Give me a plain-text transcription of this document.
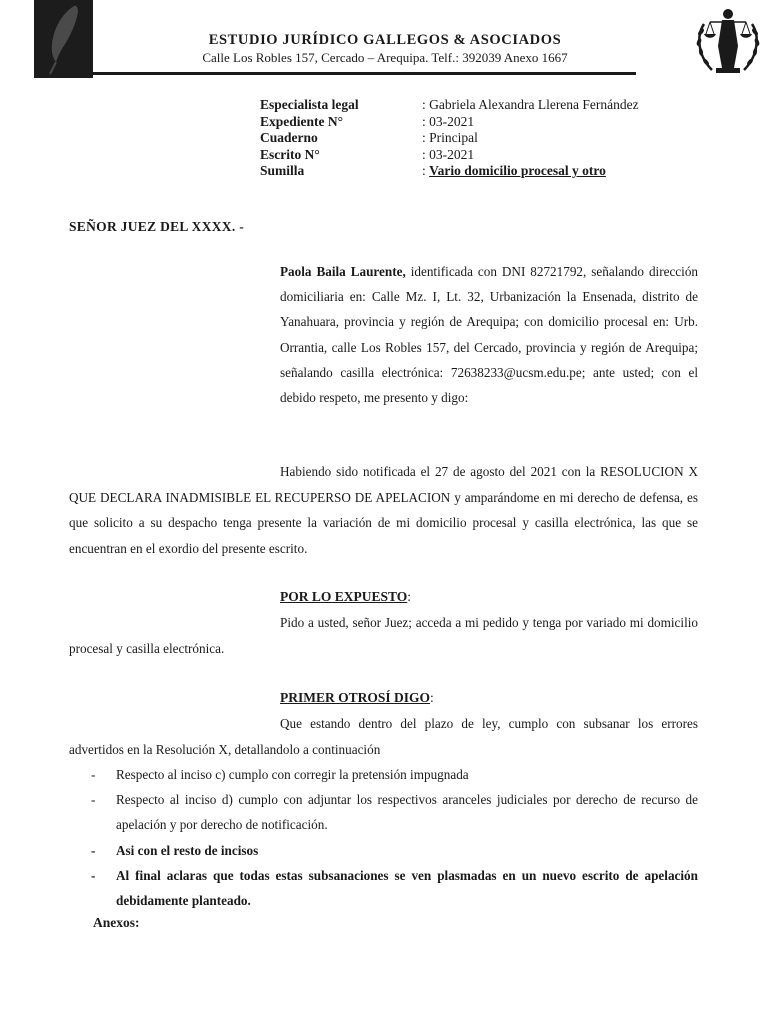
ESTUDIO JURÍDICO GALLEGOS & ASOCIADOS
Calle Los Robles 157, Cercado – Arequipa. Telf.: 392039 Anexo 1667
Especialista legal	: Gabriela Alexandra Llerena Fernández
Expediente N°	: 03-2021
Cuaderno	: Principal
Escrito N°	: 03-2021
Sumilla	: Vario domicilio procesal y otro
SEÑOR JUEZ DEL XXXX. -

Paola Baila Laurente, identificada con DNI 82721792, señalando dirección domiciliaria en: Calle Mz. I, Lt. 32, Urbanización la Ensenada, distrito de Yanahuara, provincia y región de Arequipa; con domicilio procesal en: Urb. Orrantia, calle Los Robles 157, del Cercado, provincia y región de Arequipa; señalando casilla electrónica: 72638233@ucsm.edu.pe; ante usted; con el debido respeto, me presento y digo:

Habiendo sido notificada el 27 de agosto del 2021 con la RESOLUCION X QUE DECLARA INADMISIBLE EL RECUPERSO DE APELACION y amparándome en mi derecho de defensa, es que solicito a su despacho tenga presente la variación de mi domicilio procesal y casilla electrónica, las que se encuentran en el exordio del presente escrito.

POR LO EXPUESTO:

Pido a usted, señor Juez; acceda a mi pedido y tenga por variado mi domicilio procesal y casilla electrónica.

PRIMER OTROSÍ DIGO:

Que estando dentro del plazo de ley, cumplo con subsanar los errores advertidos en la Resolución X, detallandolo a continuación

- Respecto al inciso c) cumplo con corregir la pretensión impugnada
- Respecto al inciso d) cumplo con adjuntar los respectivos aranceles judiciales por derecho de recurso de apelación y por derecho de notificación.
- Asi con el resto de incisos
- Al final aclaras que todas estas subsanaciones se ven plasmadas en un nuevo escrito de apelación debidamente planteado.
Anexos:
